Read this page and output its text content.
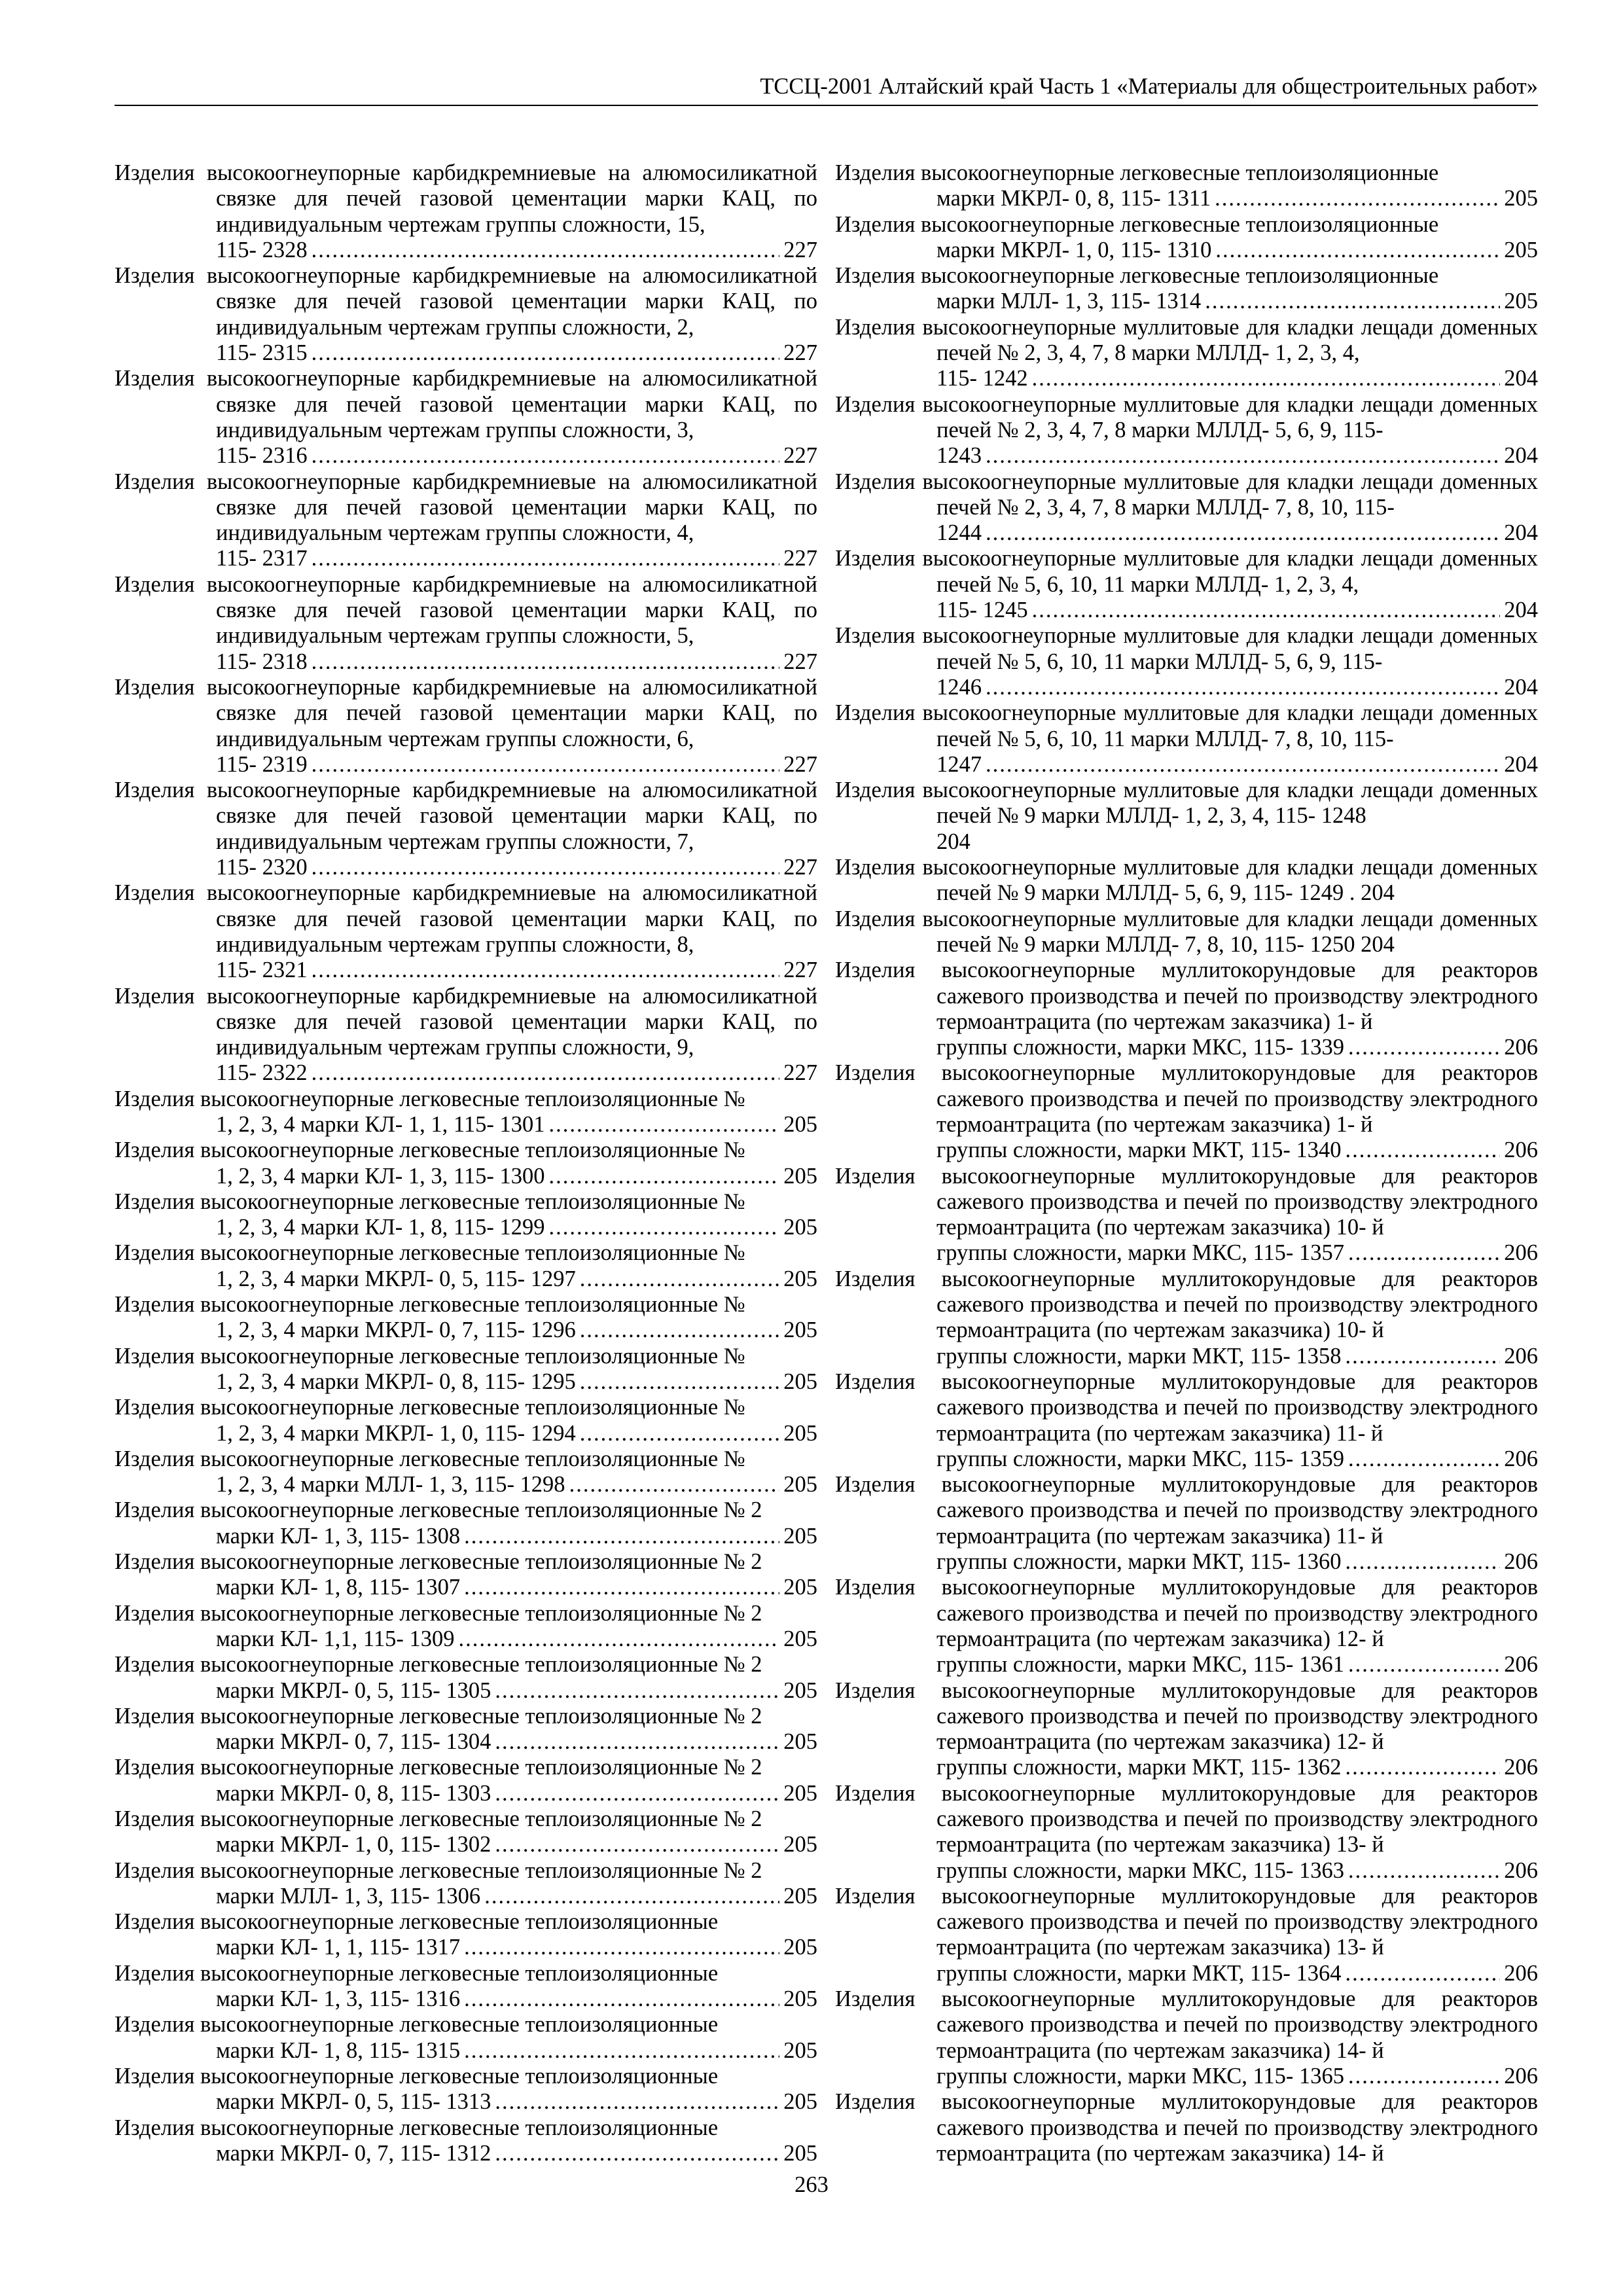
ТССЦ-2001 Алтайский край Часть 1 «Материалы для общестроительных работ»
Изделия высокоогнеупорные карбидкремниевые на алюмосиликатной связке для печей газовой цементации марки КАЦ, по индивидуальным чертежам группы сложности, 15,
115- 2328 .....	227
Изделия высокоогнеупорные карбидкремниевые на алюмосиликатной связке для печей газовой цементации марки КАЦ, по индивидуальным чертежам группы сложности, 2,
115- 2315 .....	227
Изделия высокоогнеупорные карбидкремниевые на алюмосиликатной связке для печей газовой цементации марки КАЦ, по индивидуальным чертежам группы сложности, 3,
115- 2316 .....	227
Изделия высокоогнеупорные карбидкремниевые на алюмосиликатной связке для печей газовой цементации марки КАЦ, по индивидуальным чертежам группы сложности, 4,
115- 2317 .....	227
Изделия высокоогнеупорные карбидкремниевые на алюмосиликатной связке для печей газовой цементации марки КАЦ, по индивидуальным чертежам группы сложности, 5,
115- 2318 .....	227
Изделия высокоогнеупорные карбидкремниевые на алюмосиликатной связке для печей газовой цементации марки КАЦ, по индивидуальным чертежам группы сложности, 6,
115- 2319 .....	227
Изделия высокоогнеупорные карбидкремниевые на алюмосиликатной связке для печей газовой цементации марки КАЦ, по индивидуальным чертежам группы сложности, 7,
115- 2320 .....	227
Изделия высокоогнеупорные карбидкремниевые на алюмосиликатной связке для печей газовой цементации марки КАЦ, по индивидуальным чертежам группы сложности, 8,
115- 2321 .....	227
Изделия высокоогнеупорные карбидкремниевые на алюмосиликатной связке для печей газовой цементации марки КАЦ, по индивидуальным чертежам группы сложности, 9,
115- 2322 .....	227
Изделия высокоогнеупорные легковесные теплоизоляционные №
1, 2, 3, 4 марки КЛ- 1, 1, 115- 1301 .....	205
Изделия высокоогнеупорные легковесные теплоизоляционные №
1, 2, 3, 4 марки КЛ- 1, 3, 115- 1300 .....	205
Изделия высокоогнеупорные легковесные теплоизоляционные №
1, 2, 3, 4 марки КЛ- 1, 8, 115- 1299 .....	205
Изделия высокоогнеупорные легковесные теплоизоляционные №
1, 2, 3, 4 марки МКРЛ- 0, 5, 115- 1297 .....	205
Изделия высокоогнеупорные легковесные теплоизоляционные №
1, 2, 3, 4 марки МКРЛ- 0, 7, 115- 1296 .....	205
Изделия высокоогнеупорные легковесные теплоизоляционные №
1, 2, 3, 4 марки МКРЛ- 0, 8, 115- 1295 .....	205
Изделия высокоогнеупорные легковесные теплоизоляционные №
1, 2, 3, 4 марки МКРЛ- 1, 0, 115- 1294 .....	205
Изделия высокоогнеупорные легковесные теплоизоляционные №
1, 2, 3, 4 марки МЛЛ- 1, 3, 115- 1298 .....	205
Изделия высокоогнеупорные легковесные теплоизоляционные № 2
марки КЛ- 1, 3, 115- 1308 .....	205
Изделия высокоогнеупорные легковесные теплоизоляционные № 2
марки КЛ- 1, 8, 115- 1307 .....	205
Изделия высокоогнеупорные легковесные теплоизоляционные № 2
марки КЛ- 1,1, 115- 1309 .....	205
Изделия высокоогнеупорные легковесные теплоизоляционные № 2
марки МКРЛ- 0, 5, 115- 1305 .....	205
Изделия высокоогнеупорные легковесные теплоизоляционные № 2
марки МКРЛ- 0, 7, 115- 1304 .....	205
Изделия высокоогнеупорные легковесные теплоизоляционные № 2
марки МКРЛ- 0, 8, 115- 1303 .....	205
Изделия высокоогнеупорные легковесные теплоизоляционные № 2
марки МКРЛ- 1, 0, 115- 1302 .....	205
Изделия высокоогнеупорные легковесные теплоизоляционные № 2
марки МЛЛ- 1, 3, 115- 1306 .....	205
Изделия высокоогнеупорные легковесные теплоизоляционные
марки КЛ- 1, 1, 115- 1317 .....	205
Изделия высокоогнеупорные легковесные теплоизоляционные
марки КЛ- 1, 3, 115- 1316 .....	205
Изделия высокоогнеупорные легковесные теплоизоляционные
марки КЛ- 1, 8, 115- 1315 .....	205
Изделия высокоогнеупорные легковесные теплоизоляционные
марки МКРЛ- 0, 5, 115- 1313 .....	205
Изделия высокоогнеупорные легковесные теплоизоляционные
марки МКРЛ- 0, 7, 115- 1312 .....	205
Изделия высокоогнеупорные легковесные теплоизоляционные
марки МКРЛ- 0, 8, 115- 1311 .....	205
Изделия высокоогнеупорные легковесные теплоизоляционные
марки МКРЛ- 1, 0, 115- 1310 .....	205
Изделия высокоогнеупорные легковесные теплоизоляционные
марки МЛЛ- 1, 3, 115- 1314 .....	205
Изделия высокоогнеупорные муллитовые для кладки лещади доменных печей № 2, 3, 4, 7, 8 марки МЛЛД- 1, 2, 3, 4,
115- 1242 .....	204
Изделия высокоогнеупорные муллитовые для кладки лещади доменных печей № 2, 3, 4, 7, 8 марки МЛЛД- 5, 6, 9, 115-
1243 .....	204
Изделия высокоогнеупорные муллитовые для кладки лещади доменных печей № 2, 3, 4, 7, 8 марки МЛЛД- 7, 8, 10, 115-
1244 .....	204
Изделия высокоогнеупорные муллитовые для кладки лещади доменных печей № 5, 6, 10, 11 марки МЛЛД- 1, 2, 3, 4,
115- 1245 .....	204
Изделия высокоогнеупорные муллитовые для кладки лещади доменных печей № 5, 6, 10, 11 марки МЛЛД- 5, 6, 9, 115-
1246 .....	204
Изделия высокоогнеупорные муллитовые для кладки лещади доменных печей № 5, 6, 10, 11 марки МЛЛД- 7, 8, 10, 115-
1247 .....	204
Изделия высокоогнеупорные муллитовые для кладки лещади доменных печей № 9 марки МЛЛД- 1, 2, 3, 4, 115- 1248
204
Изделия высокоогнеупорные муллитовые для кладки лещади доменных печей № 9 марки МЛЛД- 5, 6, 9, 115- 1249 . 204
Изделия высокоогнеупорные муллитовые для кладки лещади доменных печей № 9 марки МЛЛД- 7, 8, 10, 115- 1250 204
Изделия высокоогнеупорные муллитокорундовые для реакторов сажевого производства и печей по производству электродного термоантрацита (по чертежам заказчика) 1- й
группы сложности, марки МКС, 115- 1339 .....	206
Изделия высокоогнеупорные муллитокорундовые для реакторов сажевого производства и печей по производству электродного термоантрацита (по чертежам заказчика) 1- й
группы сложности, марки МКТ, 115- 1340 .....	206
Изделия высокоогнеупорные муллитокорундовые для реакторов сажевого производства и печей по производству электродного термоантрацита (по чертежам заказчика) 10- й
группы сложности, марки МКС, 115- 1357 .....	206
Изделия высокоогнеупорные муллитокорундовые для реакторов сажевого производства и печей по производству электродного термоантрацита (по чертежам заказчика) 10- й
группы сложности, марки МКТ, 115- 1358 .....	206
Изделия высокоогнеупорные муллитокорундовые для реакторов сажевого производства и печей по производству электродного термоантрацита (по чертежам заказчика) 11- й
группы сложности, марки МКС, 115- 1359 .....	206
Изделия высокоогнеупорные муллитокорундовые для реакторов сажевого производства и печей по производству электродного термоантрацита (по чертежам заказчика) 11- й
группы сложности, марки МКТ, 115- 1360 .....	206
Изделия высокоогнеупорные муллитокорундовые для реакторов сажевого производства и печей по производству электродного термоантрацита (по чертежам заказчика) 12- й
группы сложности, марки МКС, 115- 1361 .....	206
Изделия высокоогнеупорные муллитокорундовые для реакторов сажевого производства и печей по производству электродного термоантрацита (по чертежам заказчика) 12- й
группы сложности, марки МКТ, 115- 1362 .....	206
Изделия высокоогнеупорные муллитокорундовые для реакторов сажевого производства и печей по производству электродного термоантрацита (по чертежам заказчика) 13- й
группы сложности, марки МКС, 115- 1363 .....	206
Изделия высокоогнеупорные муллитокорундовые для реакторов сажевого производства и печей по производству электродного термоантрацита (по чертежам заказчика) 13- й
группы сложности, марки МКТ, 115- 1364 .....	206
Изделия высокоогнеупорные муллитокорундовые для реакторов сажевого производства и печей по производству электродного термоантрацита (по чертежам заказчика) 14- й
группы сложности, марки МКС, 115- 1365 .....	206
Изделия высокоогнеупорные муллитокорундовые для реакторов сажевого производства и печей по производству электродного термоантрацита (по чертежам заказчика) 14- й
263
